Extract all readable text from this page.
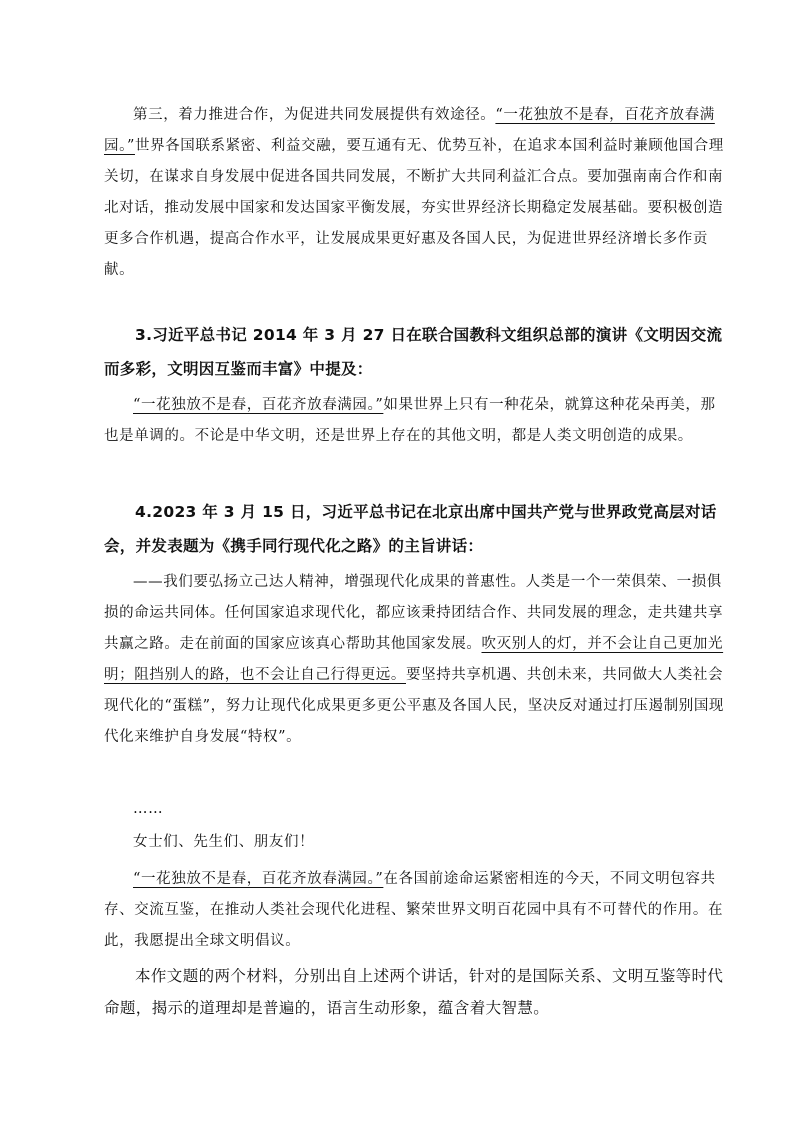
第三，着力推进合作，为促进共同发展提供有效途径。“一花独放不是春，百花齐放春满园。”世界各国联系紧密、利益交融，要互通有无、优势互补，在追求本国利益时兼顾他国合理关切，在谋求自身发展中促进各国共同发展，不断扩大共同利益汇合点。要加强南南合作和南北对话，推动发展中国家和发达国家平衡发展，夯实世界经济长期稳定发展基础。要积极创造更多合作机遇，提高合作水平，让发展成果更好惠及各国人民，为促进世界经济增长多作贡献。

3.习近平总书记 2014 年 3 月 27 日在联合国教科文组织总部的演讲《文明因交流而多彩，文明因互鉴而丰富》中提及：

“一花独放不是春，百花齐放春满园。”如果世界上只有一种花朵，就算这种花朵再美，那也是单调的。不论是中华文明，还是世界上存在的其他文明，都是人类文明创造的成果。

4.2023 年 3 月 15 日，习近平总书记在北京出席中国共产党与世界政党高层对话会，并发表题为《携手同行现代化之路》的主旨讲话：

——我们要弘扬立己达人精神，增强现代化成果的普惠性。人类是一个一荣俱荣、一损俱损的命运共同体。任何国家追求现代化，都应该秉持团结合作、共同发展的理念，走共建共享共赢之路。走在前面的国家应该真心帮助其他国家发展。吹灭别人的灯，并不会让自己更加光明；阻挡别人的路，也不会让自己行得更远。要坚持共享机遇、共创未来，共同做大人类社会现代化的“蛋糕”，努力让现代化成果更多更公平惠及各国人民，坚决反对通过打压遏制别国现代化来维护自身发展“特权”。

……

女士们、先生们、朋友们！

“一花独放不是春，百花齐放春满园。”在各国前途命运紧密相连的今天，不同文明包容共存、交流互鉴，在推动人类社会现代化进程、繁荣世界文明百花园中具有不可替代的作用。在此，我愿提出全球文明倡议。

本作文题的两个材料，分别出自上述两个讲话，针对的是国际关系、文明互鉴等时代命题，揭示的道理却是普遍的，语言生动形象，蕴含着大智慧。
